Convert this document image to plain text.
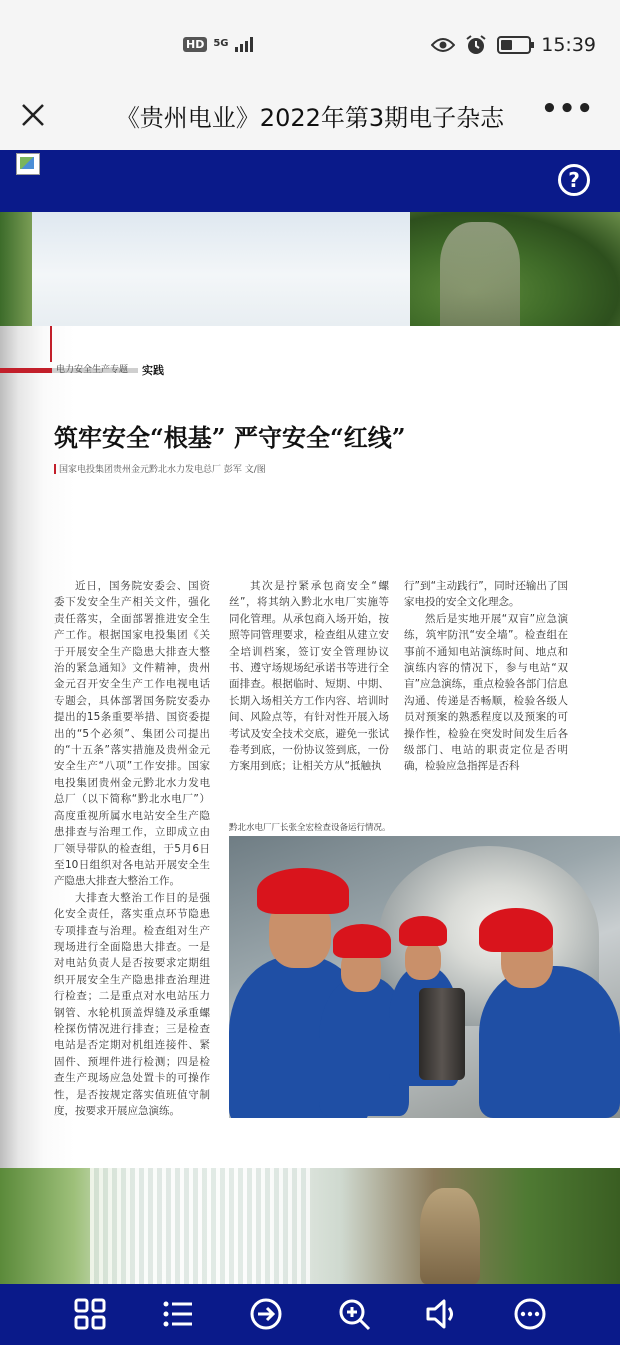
HD 5G	15:39
《贵州电业》2022年第3期电子杂志	•••
?
电力安全生产专题 实践
筑牢安全“根基” 严守安全“红线”
国家电投集团贵州金元黔北水力发电总厂 彭军 文/图

近日，国务院安委会、国资委下发安全生产相关文件，强化责任落实，全面部署推进安全生产工作。根据国家电投集团《关于开展安全生产隐患大排查大整治的紧急通知》文件精神，贵州金元召开安全生产工作电视电话专题会，具体部署国务院安委办提出的15条重要举措、国资委提出的“5个必须”、集团公司提出的“十五条”落实措施及贵州金元安全生产“八项”工作安排。国家电投集团贵州金元黔北水力发电总厂（以下简称“黔北水电厂”）高度重视所属水电站安全生产隐患排查与治理工作，立即成立由厂领导带队的检查组，于5月6日至10日组织对各电站开展安全生产隐患大排查大整治工作。

大排查大整治工作目的是强化安全责任，落实重点环节隐患专项排查与治理。检查组对生产现场进行全面隐患大排查。一是对电站负责人是否按要求定期组织开展安全生产隐患排查治理进行检查；二是重点对水电站压力钢管、水轮机顶盖焊缝及承重螺栓探伤情况进行排查；三是检查电站是否定期对机组连接件、紧固件、预埋件进行检测；四是检查生产现场应急处置卡的可操作性，是否按规定落实值班值守制度，按要求开展应急演练。

其次是拧紧承包商安全“螺丝”，将其纳入黔北水电厂实施等同化管理。从承包商入场开始，按照等同管理要求，检查组从建立安全培训档案，签订安全管理协议书、遵守场规场纪承诺书等进行全面排查。根据临时、短期、中期、长期入场相关方工作内容、培训时间、风险点等，有针对性开展入场考试及安全技术交底，避免一张试卷考到底，一份协议签到底，一份方案用到底；让相关方从“抵触执

行”到“主动践行”，同时还输出了国家电投的安全文化理念。

然后是实地开展“双盲”应急演练，筑牢防汛“安全墙”。检查组在事前不通知电站演练时间、地点和演练内容的情况下，参与电站“双盲”应急演练，重点检验各部门信息沟通、传递是否畅顺，检验各级人员对预案的熟悉程度以及预案的可操作性，检验在突发时间发生后各级部门、电站的职责定位是否明确，检验应急指挥是否科

黔北水电厂厂长张全宏检查设备运行情况。
